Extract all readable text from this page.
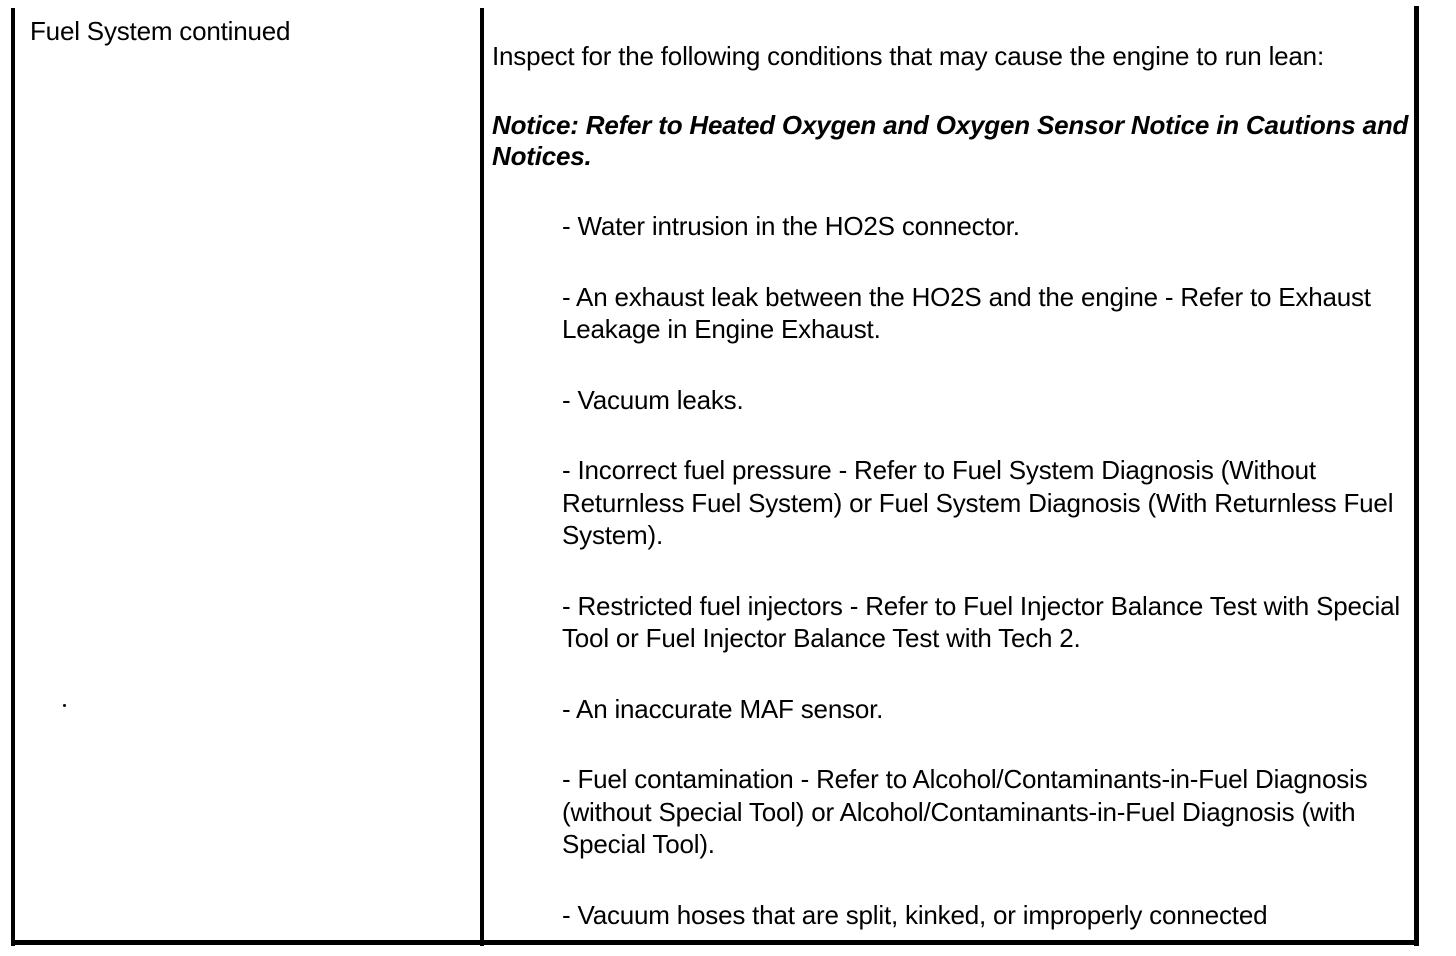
Fuel System continued

Inspect for the following conditions that may cause the engine to run lean:

Notice: Refer to Heated Oxygen and Oxygen Sensor Notice in Cautions and Notices.

- Water intrusion in the HO2S connector.
- An exhaust leak between the HO2S and the engine - Refer to Exhaust Leakage in Engine Exhaust.
- Vacuum leaks.
- Incorrect fuel pressure - Refer to Fuel System Diagnosis (Without Returnless Fuel System) or Fuel System Diagnosis (With Returnless Fuel System).
- Restricted fuel injectors - Refer to Fuel Injector Balance Test with Special Tool or Fuel Injector Balance Test with Tech 2.
- An inaccurate MAF sensor.
- Fuel contamination - Refer to Alcohol/Contaminants-in-Fuel Diagnosis (without Special Tool) or Alcohol/Contaminants-in-Fuel Diagnosis (with Special Tool).
- Vacuum hoses that are split, kinked, or improperly connected
